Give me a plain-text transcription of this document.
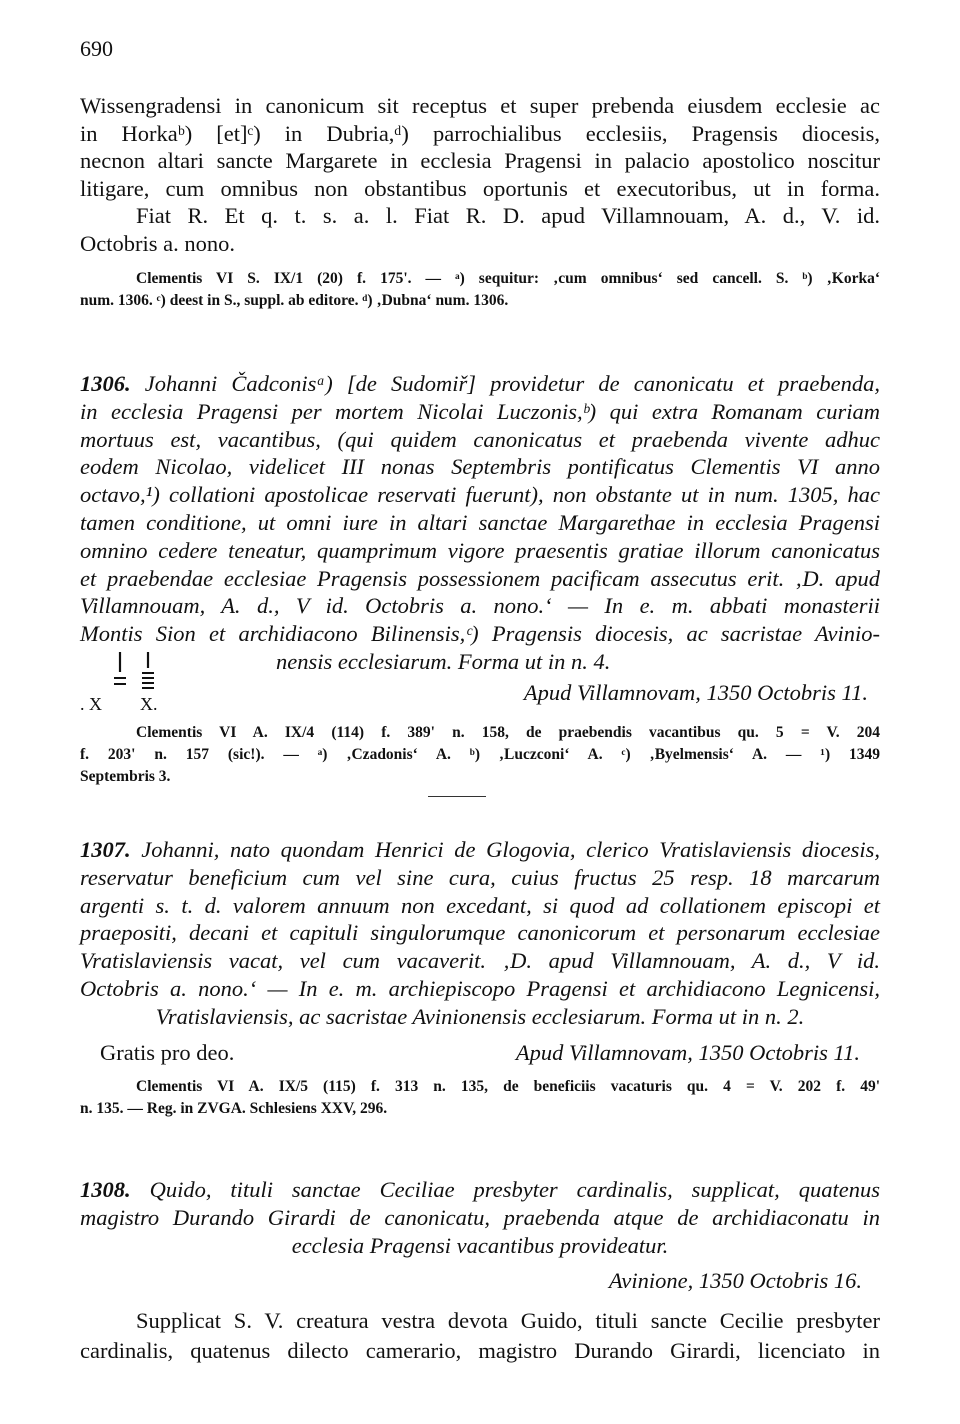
690

Wissengradensi in canonicum sit receptus et super prebenda eiusdem ecclesie ac

in Horkaᵇ) [et]ᶜ) in Dubria,ᵈ) parrochialibus ecclesiis, Pragensis diocesis,

necnon altari sancte Margarete in ecclesia Pragensi in palacio apostolico noscitur

litigare, cum omnibus non obstantibus oportunis et executoribus, ut in forma.

Fiat R. Et q. t. s. a. l. Fiat R. D. apud Villamnouam, A. d., V. id.

Octobris a. nono.

Clementis VI S. IX/1 (20) f. 175'. — ᵃ) sequitur: ‚cum omnibus‘ sed cancell. S. ᵇ) ‚Korka‘

num. 1306. ᶜ) deest in S., suppl. ab editore. ᵈ) ‚Dubna‘ num. 1306.

1306. Johanni Čadconisᵃ) [de Sudomiř] providetur de canonicatu et praebenda,

in ecclesia Pragensi per mortem Nicolai Luczonis,ᵇ) qui extra Romanam curiam

mortuus est, vacantibus, (qui quidem canonicatus et praebenda vivente adhuc

eodem Nicolao, videlicet III nonas Septembris pontificatus Clementis VI anno

octavo,¹) collationi apostolicae reservati fuerunt), non obstante ut in num. 1305, hac

tamen conditione, ut omni iure in altari sanctae Margarethae in ecclesia Pragensi

omnino cedere teneatur, quamprimum vigore praesentis gratiae illorum canonicatus

et praebendae ecclesiae Pragensis possessionem pacificam assecutus erit. ‚D. apud

Villamnouam, A. d., V id. Octobris a. nono.‘ — In e. m. abbati monasterii

Montis Sion et archidiacono Bilinensis,ᶜ) Pragensis diocesis, ac sacristae Avinio-

nensis ecclesiarum. Forma ut in n. 4.

Apud Villamnovam, 1350 Octobris 11.

. X X.

Clementis VI A. IX/4 (114) f. 389' n. 158, de praebendis vacantibus qu. 5 = V. 204

f. 203' n. 157 (sic!). — ᵃ) ‚Czadonis‘ A. ᵇ) ‚Luczconi‘ A. ᶜ) ‚Byelmensis‘ A. — ¹) 1349

Septembris 3.

1307. Johanni, nato quondam Henrici de Glogovia, clerico Vratislaviensis diocesis,

reservatur beneficium cum vel sine cura, cuius fructus 25 resp. 18 marcarum

argenti s. t. d. valorem annuum non excedant, si quod ad collationem episcopi et

praepositi, decani et capituli singulorumque canonicorum et personarum ecclesiae

Vratislaviensis vacat, vel cum vacaverit. ‚D. apud Villamnouam, A. d., V id.

Octobris a. nono.‘ — In e. m. archiepiscopo Pragensi et archidiacono Legnicensi,

Vratislaviensis, ac sacristae Avinionensis ecclesiarum. Forma ut in n. 2.

Gratis pro deo.	Apud Villamnovam, 1350 Octobris 11.

Clementis VI A. IX/5 (115) f. 313 n. 135, de beneficiis vacaturis qu. 4 = V. 202 f. 49'

n. 135. — Reg. in ZVGA. Schlesiens XXV, 296.

1308. Quido, tituli sanctae Ceciliae presbyter cardinalis, supplicat, quatenus

magistro Durando Girardi de canonicatu, praebenda atque de archidiaconatu in

ecclesia Pragensi vacantibus provideatur.

Avinione, 1350 Octobris 16.

Supplicat S. V. creatura vestra devota Guido, tituli sancte Cecilie presbyter

cardinalis, quatenus dilecto camerario, magistro Durando Girardi, licenciato in
